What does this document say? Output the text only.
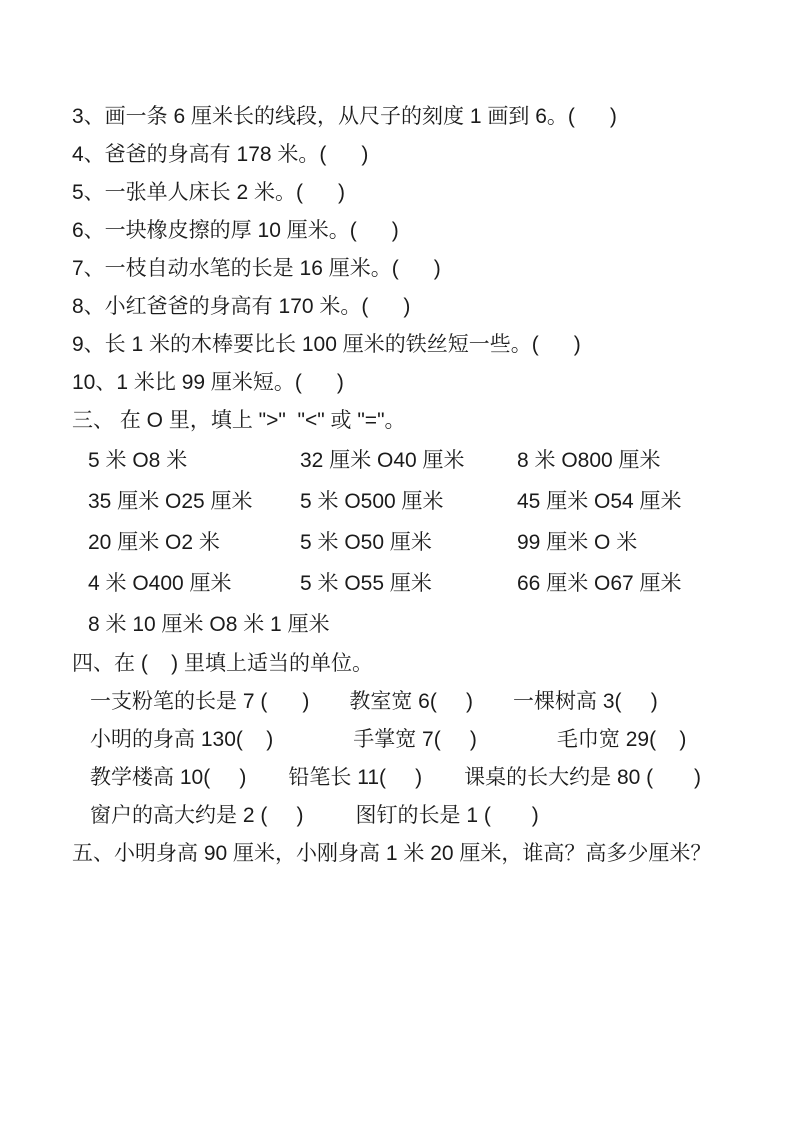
3、画一条 6 厘米长的线段，从尺子的刻度 1 画到 6。(      )
4、爸爸的身高有 178 米。(      )
5、一张单人床长 2 米。(      )
6、一块橡皮擦的厚 10 厘米。(      )
7、一枝自动水笔的长是 16 厘米。(      )
8、小红爸爸的身高有 170 米。(      )
9、长 1 米的木棒要比长 100 厘米的铁丝短一些。(      )
10、1 米比 99 厘米短。(      )
三、 在 O 里，填上 ">"  "<" 或 "="。
5 米 O8 米	32 厘米 O40 厘米	8 米 O800 厘米
35 厘米 O25 厘米	5 米 O500 厘米	45 厘米 O54 厘米
20 厘米 O2 米	5 米 O50 厘米	99 厘米 O 米
4 米 O400 厘米	5 米 O55 厘米	66 厘米 O67 厘米
8 米 10 厘米 O8 米 1 厘米
四、在 (    ) 里填上适当的单位。
一支粉笔的长是 7 (      ) 教室宽 6(     ) 一棵树高 3(     )
小明的身高 130(    )	手掌宽 7(     )	毛巾宽 29(    )
教学楼高 10(     ) 铅笔长 11(     ) 课桌的长大约是 80 (       )
窗户的高大约是 2 (     ) 图钉的长是 1 (       )
五、小明身高 90 厘米，小刚身高 1 米 20 厘米，谁高？高多少厘米？
